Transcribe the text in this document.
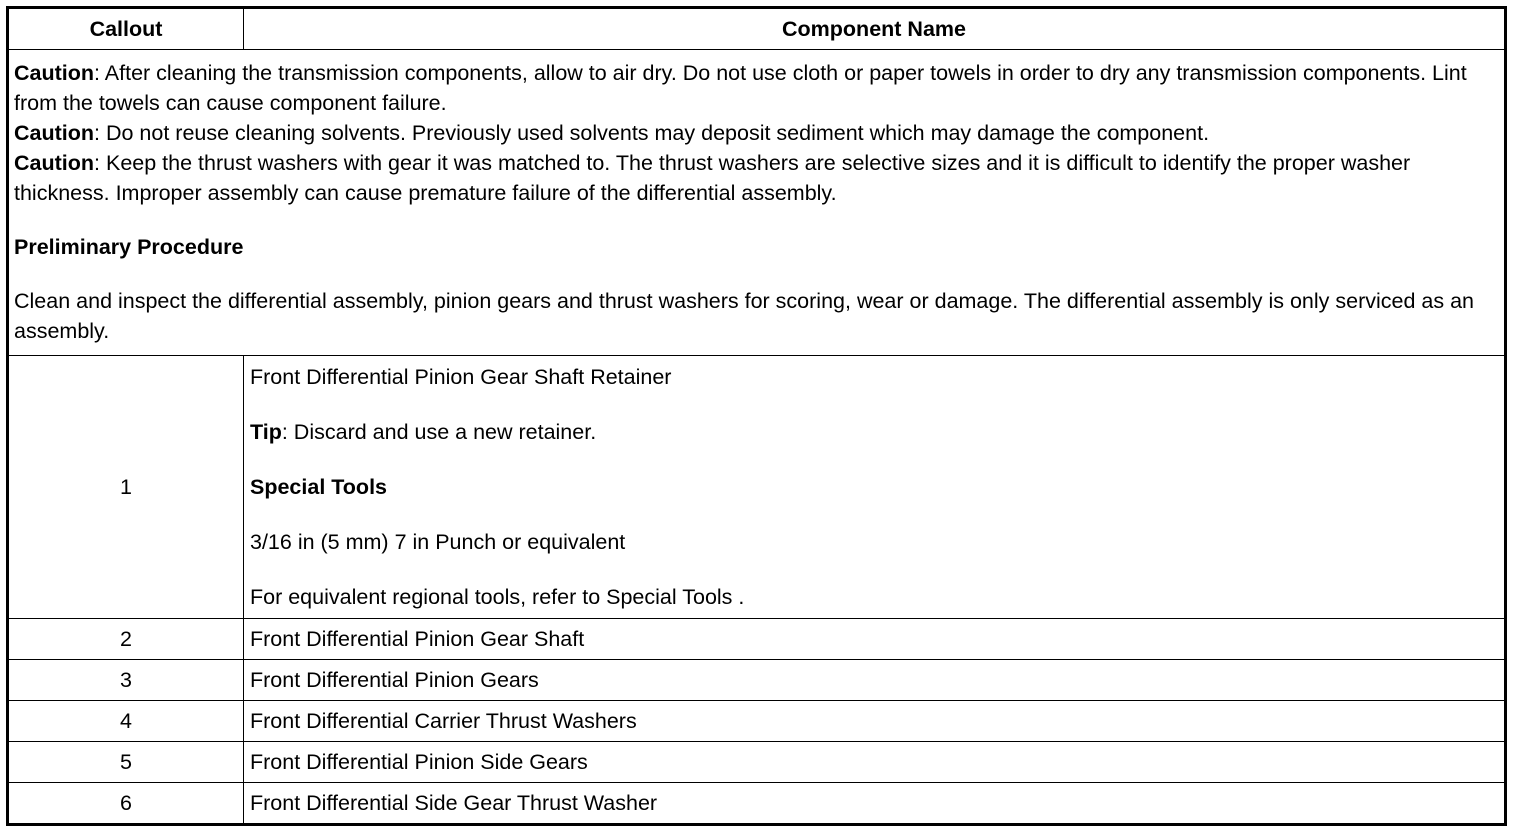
Callout	Component Name

Caution: After cleaning the transmission components, allow to air dry. Do not use cloth or paper towels in order to dry any transmission components. Lint from the towels can cause component failure.

Caution: Do not reuse cleaning solvents. Previously used solvents may deposit sediment which may damage the component.

Caution: Keep the thrust washers with gear it was matched to. The thrust washers are selective sizes and it is difficult to identify the proper washer thickness. Improper assembly can cause premature failure of the differential assembly.

Preliminary Procedure

Clean and inspect the differential assembly, pinion gears and thrust washers for scoring, wear or damage. The differential assembly is only serviced as an assembly.	

1	Front Differential Pinion Gear Shaft Retainer

Tip: Discard and use a new retainer.

Special Tools

3/16 in (5 mm) 7 in Punch or equivalent

For equivalent regional tools, refer to Special Tools .

2	Front Differential Pinion Gear Shaft
3	Front Differential Pinion Gears
4	Front Differential Carrier Thrust Washers
5	Front Differential Pinion Side Gears
6	Front Differential Side Gear Thrust Washer
